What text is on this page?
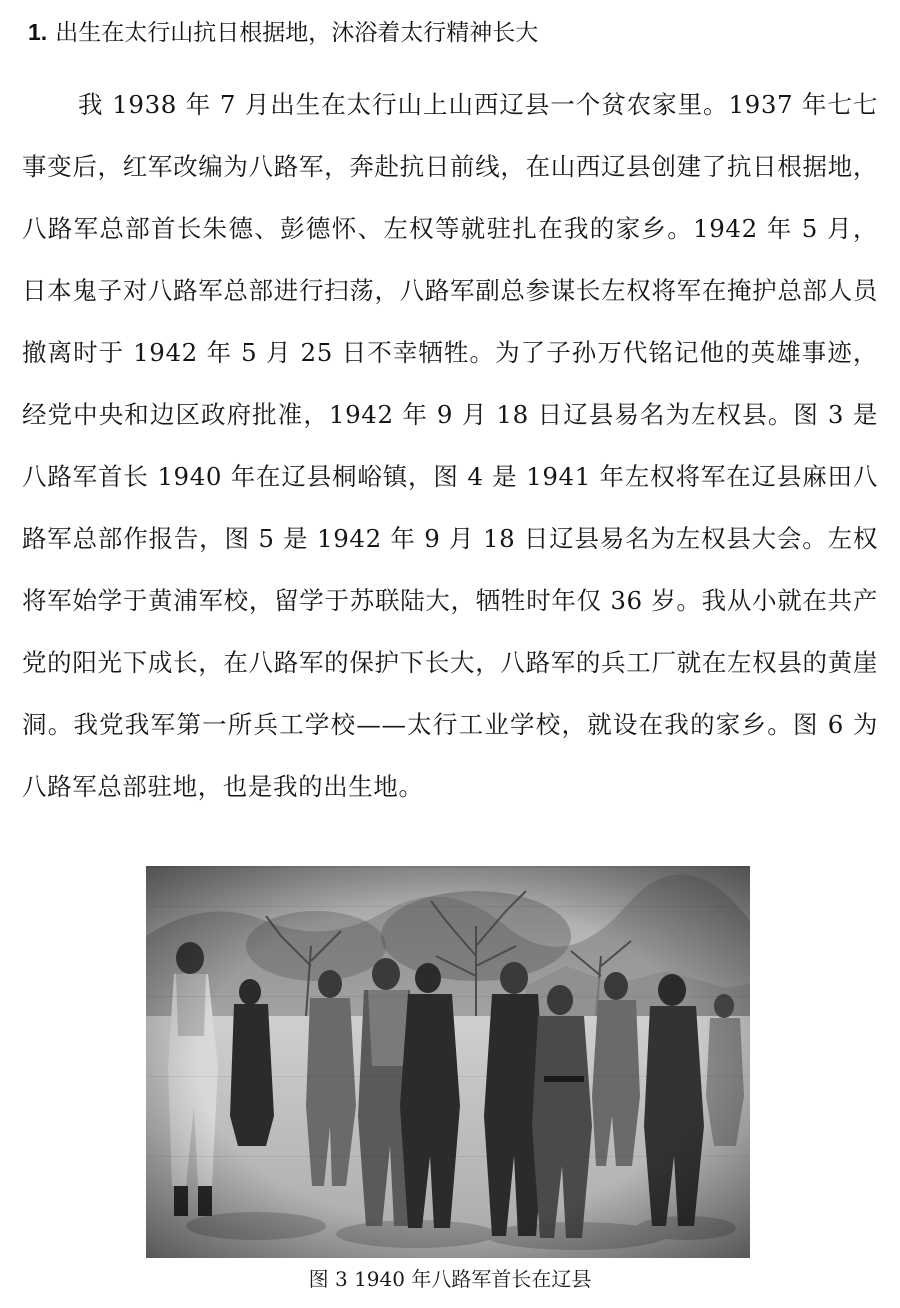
1. 出生在太行山抗日根据地，沐浴着太行精神长大

我 1938 年 7 月出生在太行山上山西辽县一个贫农家里。1937 年七七事变后，红军改编为八路军，奔赴抗日前线，在山西辽县创建了抗日根据地，八路军总部首长朱德、彭德怀、左权等就驻扎在我的家乡。1942 年 5 月，日本鬼子对八路军总部进行扫荡，八路军副总参谋长左权将军在掩护总部人员撤离时于 1942 年 5 月 25 日不幸牺牲。为了子孙万代铭记他的英雄事迹，经党中央和边区政府批准，1942 年 9 月 18 日辽县易名为左权县。图 3 是八路军首长 1940 年在辽县桐峪镇，图 4 是 1941 年左权将军在辽县麻田八路军总部作报告，图 5 是 1942 年 9 月 18 日辽县易名为左权县大会。左权将军始学于黄浦军校，留学于苏联陆大，牺牲时年仅 36 岁。我从小就在共产党的阳光下成长，在八路军的保护下长大，八路军的兵工厂就在左权县的黄崖洞。我党我军第一所兵工学校——太行工业学校，就设在我的家乡。图 6 为八路军总部驻地，也是我的出生地。

图 3 1940 年八路军首长在辽县
